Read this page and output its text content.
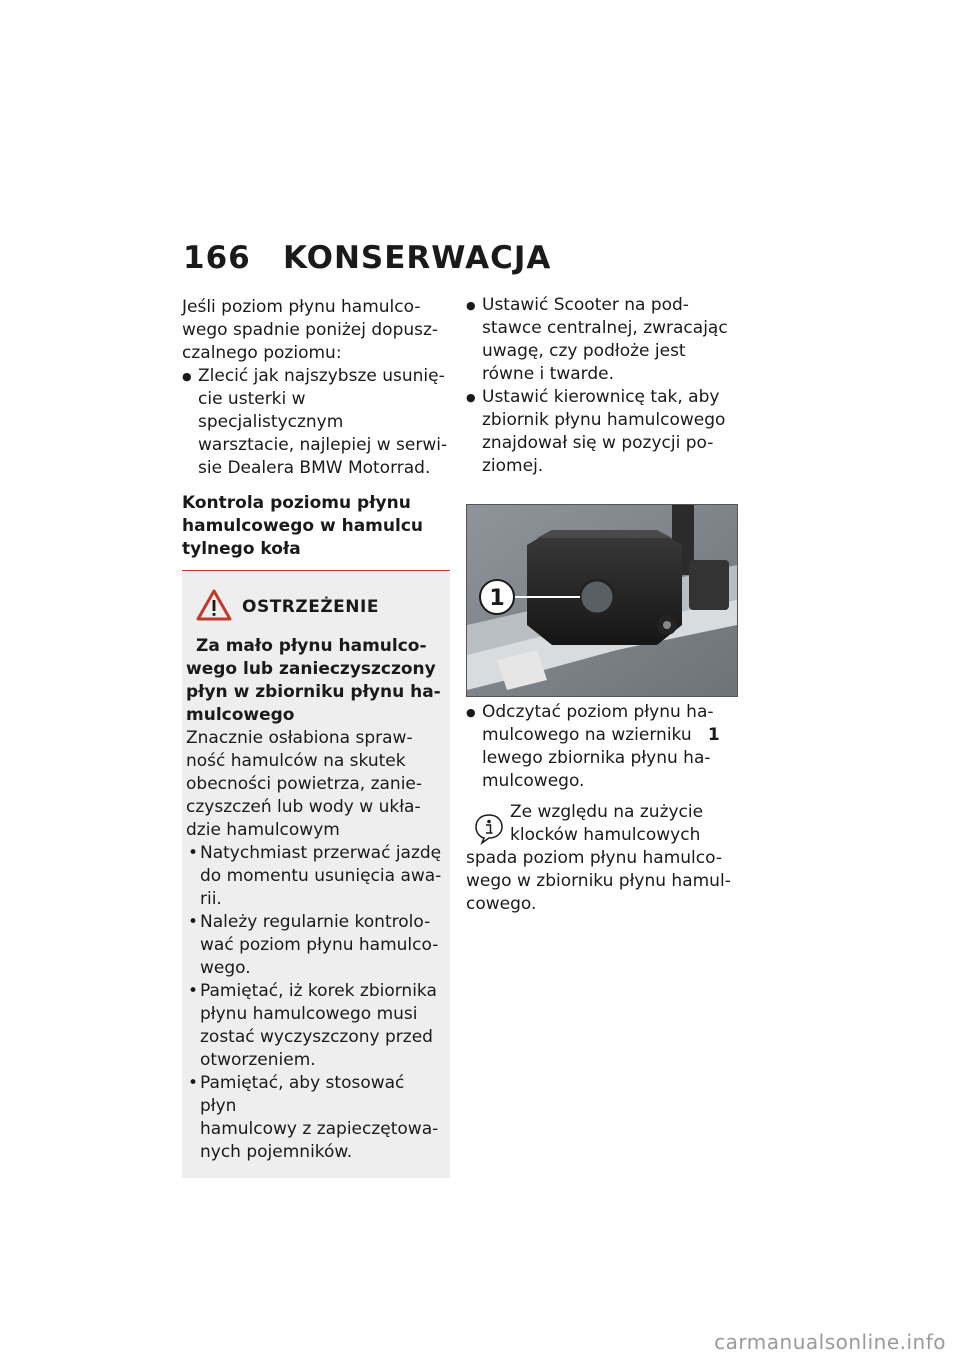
166 KONSERWACJA

Jeśli poziom płynu hamulco-
wego spadnie poniżej dopusz-
czalnego poziomu:

● Zlecić jak najszybsze usunię-
cie usterki w specjalistycznym
warsztacie, najlepiej w serwi-
sie Dealera BMW Motorrad.

Kontrola poziomu płynu
hamulcowego w hamulcu
tylnego koła

OSTRZEŻENIE

Za mało płynu hamulco-
wego lub zanieczyszczony
płyn w zbiorniku płynu ha-
mulcowego

Znacznie osłabiona spraw-
ność hamulców na skutek
obecności powietrza, zanie-
czyszczeń lub wody w ukła-
dzie hamulcowym

• Natychmiast przerwać jazdę
do momentu usunięcia awa-
rii.
• Należy regularnie kontrolo-
wać poziom płynu hamulco-
wego.
• Pamiętać, iż korek zbiornika
płynu hamulcowego musi
zostać wyczyszczony przed
otworzeniem.
• Pamiętać, aby stosować płyn
hamulcowy z zapieczętowa-
nych pojemników.
● Ustawić Scooter na pod-
stawce centralnej, zwracając
uwagę, czy podłoże jest
równe i twarde.
● Ustawić kierownicę tak, aby
zbiornik płynu hamulcowego
znajdował się w pozycji po-
ziomej.
1
● Odczytać poziom płynu ha-
mulcowego na wzierniku 1
lewego zbiornika płynu ha-
mulcowego.

Ze względu na zużycie
klocków hamulcowych
spada poziom płynu hamulco-
wego w zbiorniku płynu hamul-
cowego.

carmanualsonline.info
